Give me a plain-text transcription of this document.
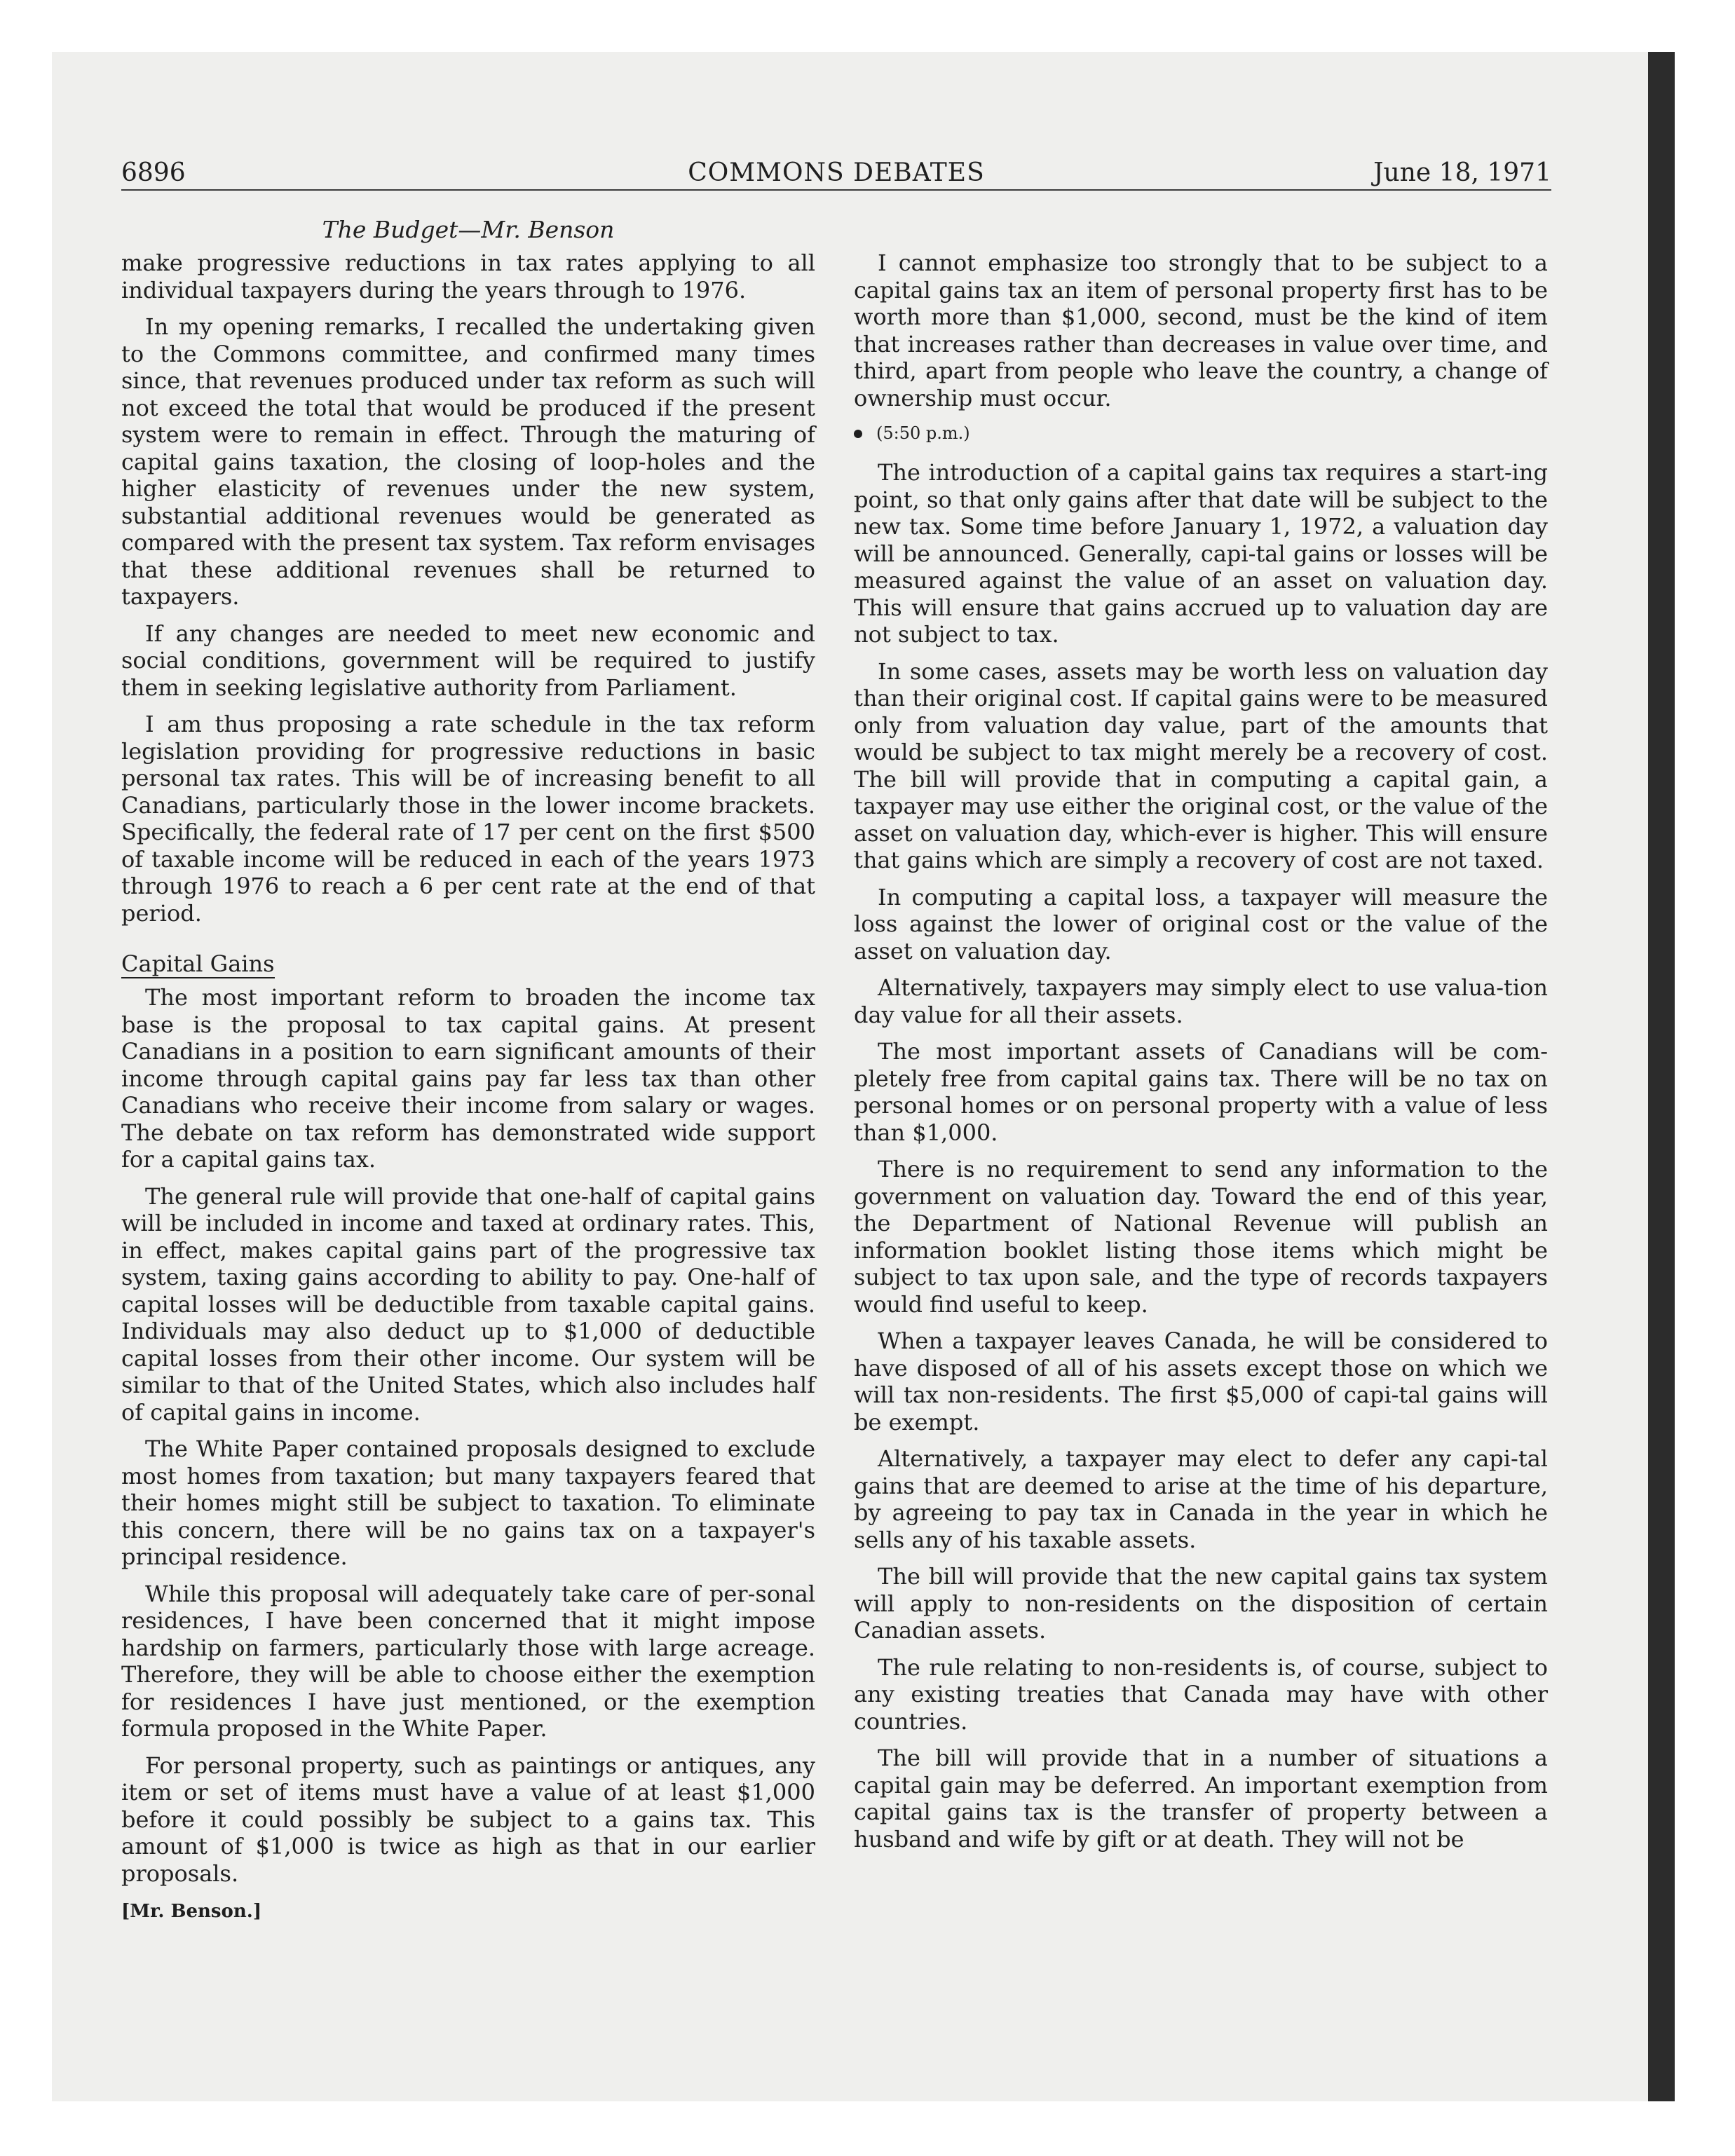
6896	COMMONS DEBATES	June 18, 1971
The Budget—Mr. Benson

make progressive reductions in tax rates applying to all individual taxpayers during the years through to 1976.

In my opening remarks, I recalled the undertaking given to the Commons committee, and confirmed many times since, that revenues produced under tax reform as such will not exceed the total that would be produced if the present system were to remain in effect. Through the maturing of capital gains taxation, the closing of loop-holes and the higher elasticity of revenues under the new system, substantial additional revenues would be generated as compared with the present tax system. Tax reform envisages that these additional revenues shall be returned to taxpayers.

If any changes are needed to meet new economic and social conditions, government will be required to justify them in seeking legislative authority from Parliament.

I am thus proposing a rate schedule in the tax reform legislation providing for progressive reductions in basic personal tax rates. This will be of increasing benefit to all Canadians, particularly those in the lower income brackets. Specifically, the federal rate of 17 per cent on the first $500 of taxable income will be reduced in each of the years 1973 through 1976 to reach a 6 per cent rate at the end of that period.

Capital Gains

The most important reform to broaden the income tax base is the proposal to tax capital gains. At present Canadians in a position to earn significant amounts of their income through capital gains pay far less tax than other Canadians who receive their income from salary or wages. The debate on tax reform has demonstrated wide support for a capital gains tax.

The general rule will provide that one-half of capital gains will be included in income and taxed at ordinary rates. This, in effect, makes capital gains part of the progressive tax system, taxing gains according to ability to pay. One-half of capital losses will be deductible from taxable capital gains. Individuals may also deduct up to $1,000 of deductible capital losses from their other income. Our system will be similar to that of the United States, which also includes half of capital gains in income.

The White Paper contained proposals designed to exclude most homes from taxation; but many taxpayers feared that their homes might still be subject to taxation. To eliminate this concern, there will be no gains tax on a taxpayer's principal residence.

While this proposal will adequately take care of per-sonal residences, I have been concerned that it might impose hardship on farmers, particularly those with large acreage. Therefore, they will be able to choose either the exemption for residences I have just mentioned, or the exemption formula proposed in the White Paper.

For personal property, such as paintings or antiques, any item or set of items must have a value of at least $1,000 before it could possibly be subject to a gains tax. This amount of $1,000 is twice as high as that in our earlier proposals.

[Mr. Benson.]

I cannot emphasize too strongly that to be subject to a capital gains tax an item of personal property first has to be worth more than $1,000, second, must be the kind of item that increases rather than decreases in value over time, and third, apart from people who leave the country, a change of ownership must occur.

(5:50 p.m.)

The introduction of a capital gains tax requires a start-ing point, so that only gains after that date will be subject to the new tax. Some time before January 1, 1972, a valuation day will be announced. Generally, capi-tal gains or losses will be measured against the value of an asset on valuation day. This will ensure that gains accrued up to valuation day are not subject to tax.

In some cases, assets may be worth less on valuation day than their original cost. If capital gains were to be measured only from valuation day value, part of the amounts that would be subject to tax might merely be a recovery of cost. The bill will provide that in computing a capital gain, a taxpayer may use either the original cost, or the value of the asset on valuation day, which-ever is higher. This will ensure that gains which are simply a recovery of cost are not taxed.

In computing a capital loss, a taxpayer will measure the loss against the lower of original cost or the value of the asset on valuation day.

Alternatively, taxpayers may simply elect to use valua-tion day value for all their assets.

The most important assets of Canadians will be com-pletely free from capital gains tax. There will be no tax on personal homes or on personal property with a value of less than $1,000.

There is no requirement to send any information to the government on valuation day. Toward the end of this year, the Department of National Revenue will publish an information booklet listing those items which might be subject to tax upon sale, and the type of records taxpayers would find useful to keep.

When a taxpayer leaves Canada, he will be considered to have disposed of all of his assets except those on which we will tax non-residents. The first $5,000 of capi-tal gains will be exempt.

Alternatively, a taxpayer may elect to defer any capi-tal gains that are deemed to arise at the time of his departure, by agreeing to pay tax in Canada in the year in which he sells any of his taxable assets.

The bill will provide that the new capital gains tax system will apply to non-residents on the disposition of certain Canadian assets.

The rule relating to non-residents is, of course, subject to any existing treaties that Canada may have with other countries.

The bill will provide that in a number of situations a capital gain may be deferred. An important exemption from capital gains tax is the transfer of property between a husband and wife by gift or at death. They will not be
